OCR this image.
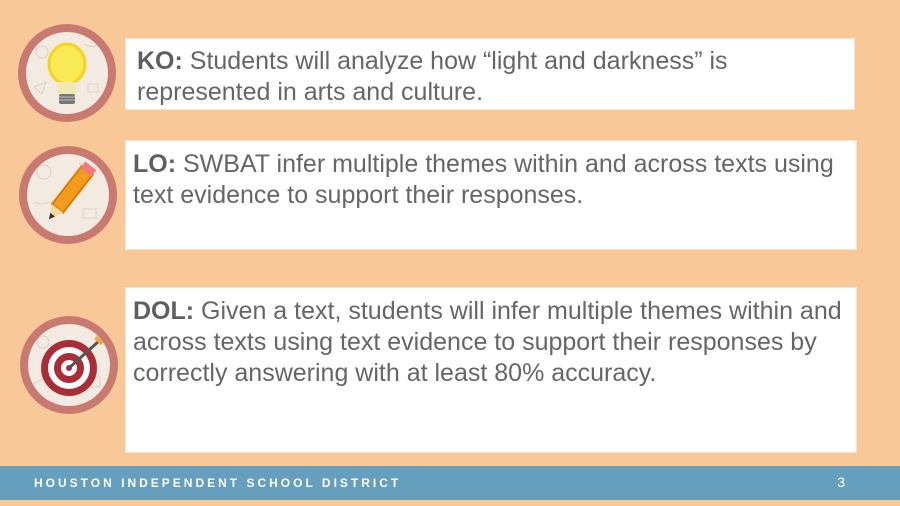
KO: Students will analyze how “light and darkness” is represented in arts and culture.

LO: SWBAT infer multiple themes within and across texts using text evidence to support their responses.

DOL: Given a text, students will infer multiple themes within and across texts using text evidence to support their responses by correctly answering with at least 80% accuracy.

HOUSTON INDEPENDENT SCHOOL DISTRICT	3
